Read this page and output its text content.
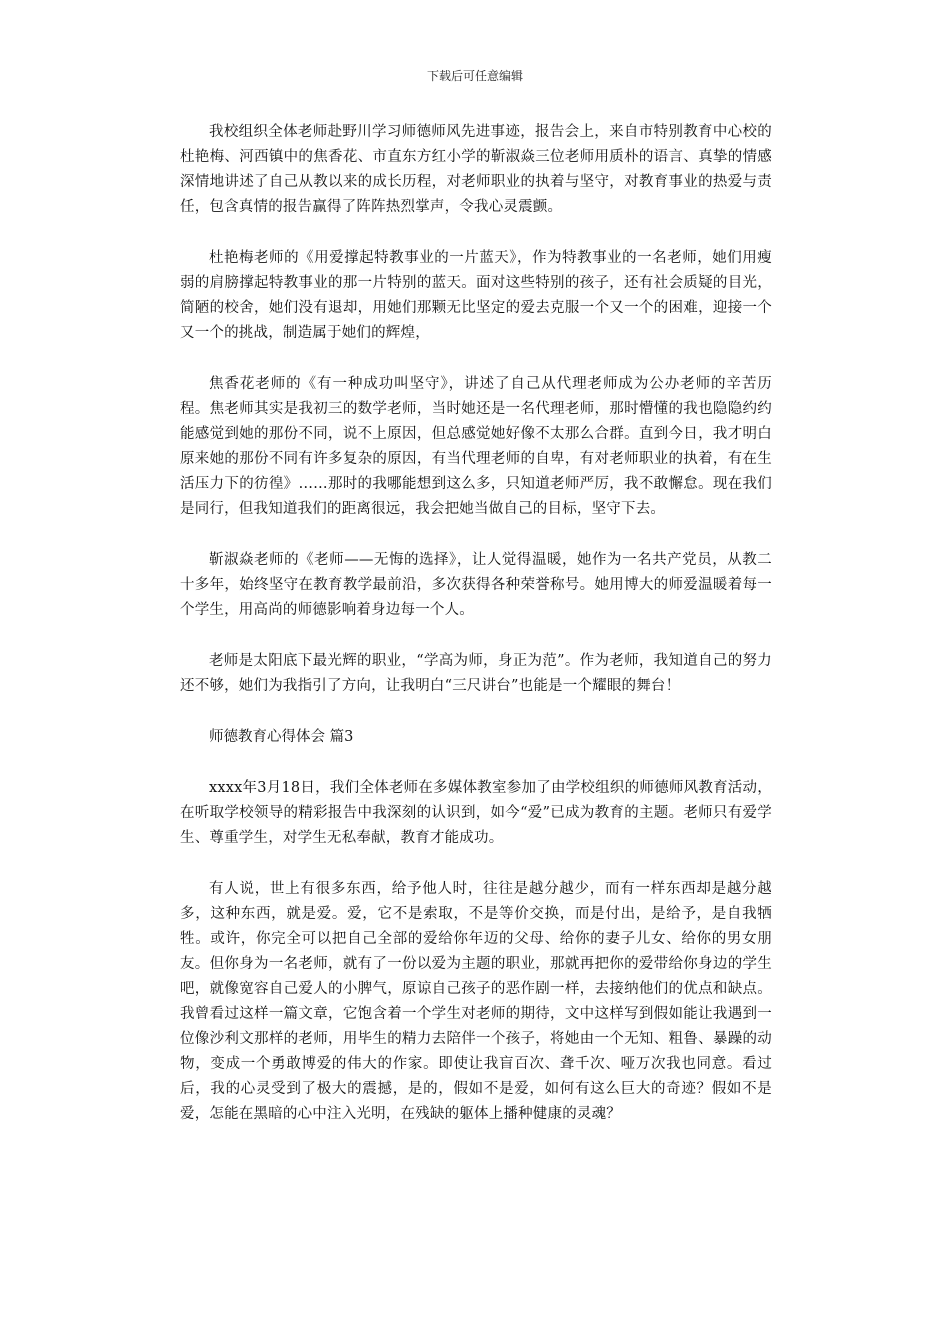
下载后可任意编辑

我校组织全体老师赴野川学习师德师风先进事迹，报告会上，来自市特别教育中心校的杜艳梅、河西镇中的焦香花、市直东方红小学的靳淑焱三位老师用质朴的语言、真挚的情感深情地讲述了自己从教以来的成长历程，对老师职业的执着与坚守，对教育事业的热爱与责任，包含真情的报告赢得了阵阵热烈掌声，令我心灵震颤。

杜艳梅老师的《用爱撑起特教事业的一片蓝天》，作为特教事业的一名老师，她们用瘦弱的肩膀撑起特教事业的那一片特别的蓝天。面对这些特别的孩子，还有社会质疑的目光，简陋的校舍，她们没有退却，用她们那颗无比坚定的爱去克服一个又一个的困难，迎接一个又一个的挑战，制造属于她们的辉煌，

焦香花老师的《有一种成功叫坚守》，讲述了自己从代理老师成为公办老师的辛苦历程。焦老师其实是我初三的数学老师，当时她还是一名代理老师，那时懵懂的我也隐隐约约能感觉到她的那份不同，说不上原因，但总感觉她好像不太那么合群。直到今日，我才明白原来她的那份不同有许多复杂的原因，有当代理老师的自卑，有对老师职业的执着，有在生活压力下的彷徨》……那时的我哪能想到这么多，只知道老师严厉，我不敢懈怠。现在我们是同行，但我知道我们的距离很远，我会把她当做自己的目标，坚守下去。

靳淑焱老师的《老师——无悔的选择》，让人觉得温暖，她作为一名共产党员，从教二十多年，始终坚守在教育教学最前沿，多次获得各种荣誉称号。她用博大的师爱温暖着每一个学生，用高尚的师德影响着身边每一个人。

老师是太阳底下最光辉的职业，“学高为师，身正为范”。作为老师，我知道自己的努力还不够，她们为我指引了方向，让我明白“三尺讲台”也能是一个耀眼的舞台！

师德教育心得体会 篇3

xxxx年3月18日，我们全体老师在多媒体教室参加了由学校组织的师德师风教育活动，在听取学校领导的精彩报告中我深刻的认识到，如今“爱”已成为教育的主题。老师只有爱学生、尊重学生，对学生无私奉献，教育才能成功。

有人说，世上有很多东西，给予他人时，往往是越分越少，而有一样东西却是越分越多，这种东西，就是爱。爱，它不是索取，不是等价交换，而是付出，是给予，是自我牺牲。或许，你完全可以把自己全部的爱给你年迈的父母、给你的妻子儿女、给你的男女朋友。但你身为一名老师，就有了一份以爱为主题的职业，那就再把你的爱带给你身边的学生吧，就像宽容自己爱人的小脾气，原谅自己孩子的恶作剧一样，去接纳他们的优点和缺点。我曾看过这样一篇文章，它饱含着一个学生对老师的期待，文中这样写到假如能让我遇到一位像沙利文那样的老师，用毕生的精力去陪伴一个孩子，将她由一个无知、粗鲁、暴躁的动物，变成一个勇敢博爱的伟大的作家。即使让我盲百次、聋千次、哑万次我也同意。看过后，我的心灵受到了极大的震撼，是的，假如不是爱，如何有这么巨大的奇迹？假如不是爱，怎能在黑暗的心中注入光明，在残缺的躯体上播种健康的灵魂？
